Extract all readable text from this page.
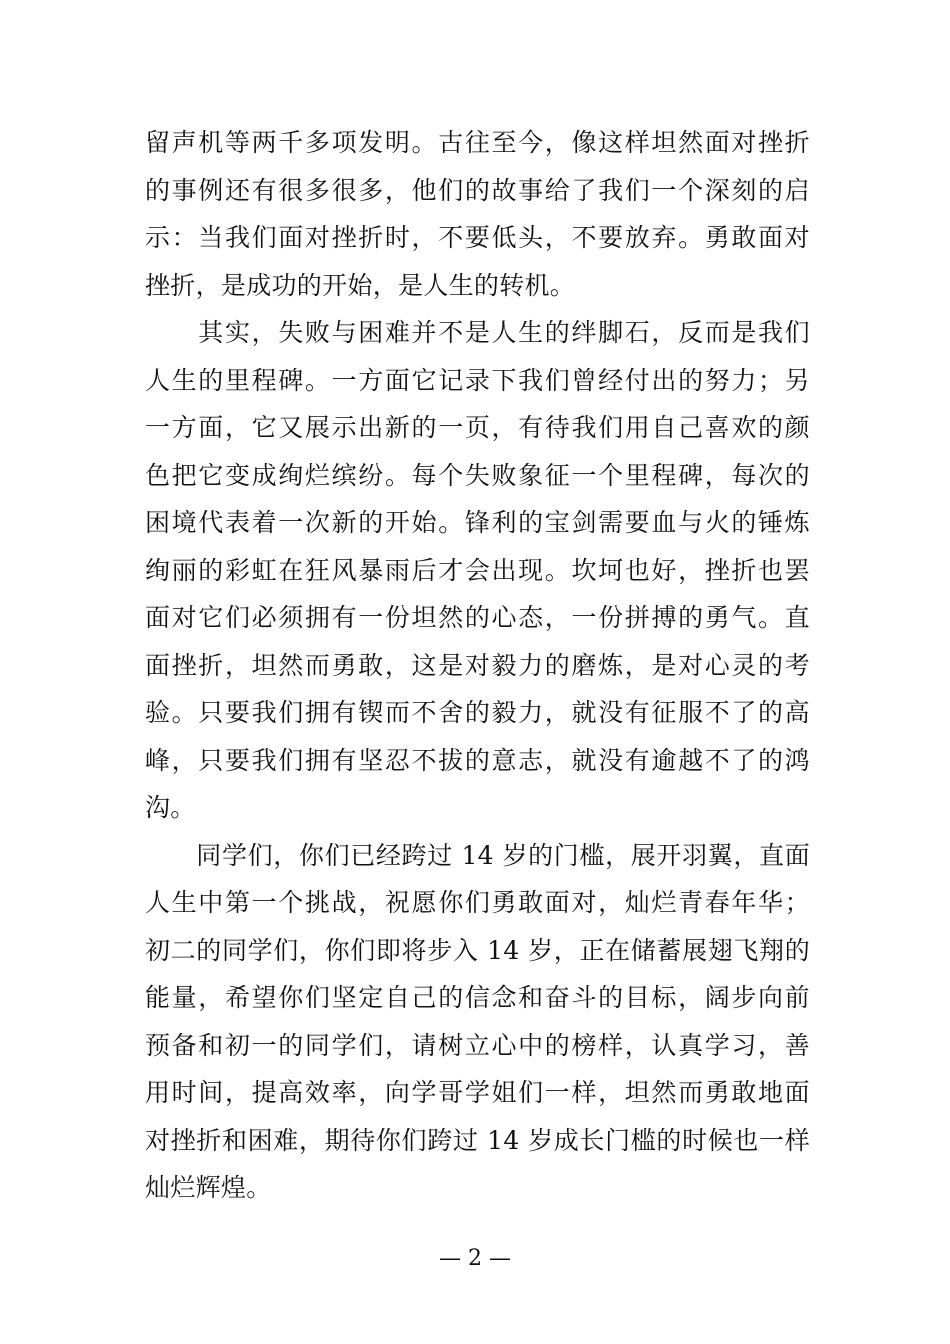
留声机等两千多项发明。古往至今，像这样坦然面对挫折
的事例还有很多很多，他们的故事给了我们一个深刻的启
示：当我们面对挫折时，不要低头，不要放弃。勇敢面对
挫折，是成功的开始，是人生的转机。
　　其实，失败与困难并不是人生的绊脚石，反而是我们
人生的里程碑。一方面它记录下我们曾经付出的努力；另
一方面，它又展示出新的一页，有待我们用自己喜欢的颜
色把它变成绚烂缤纷。每个失败象征一个里程碑，每次的
困境代表着一次新的开始。锋利的宝剑需要血与火的锤炼
绚丽的彩虹在狂风暴雨后才会出现。坎坷也好，挫折也罢
面对它们必须拥有一份坦然的心态，一份拼搏的勇气。直
面挫折，坦然而勇敢，这是对毅力的磨炼，是对心灵的考
验。只要我们拥有锲而不舍的毅力，就没有征服不了的高
峰，只要我们拥有坚忍不拔的意志，就没有逾越不了的鸿
沟。
　　同学们，你们已经跨过 14 岁的门槛，展开羽翼，直面
人生中第一个挑战，祝愿你们勇敢面对，灿烂青春年华；
初二的同学们，你们即将步入 14 岁，正在储蓄展翅飞翔的
能量，希望你们坚定自己的信念和奋斗的目标，阔步向前
预备和初一的同学们，请树立心中的榜样，认真学习，善
用时间，提高效率，向学哥学姐们一样，坦然而勇敢地面
对挫折和困难，期待你们跨过 14 岁成长门槛的时候也一样
灿烂辉煌。
— 2 —
